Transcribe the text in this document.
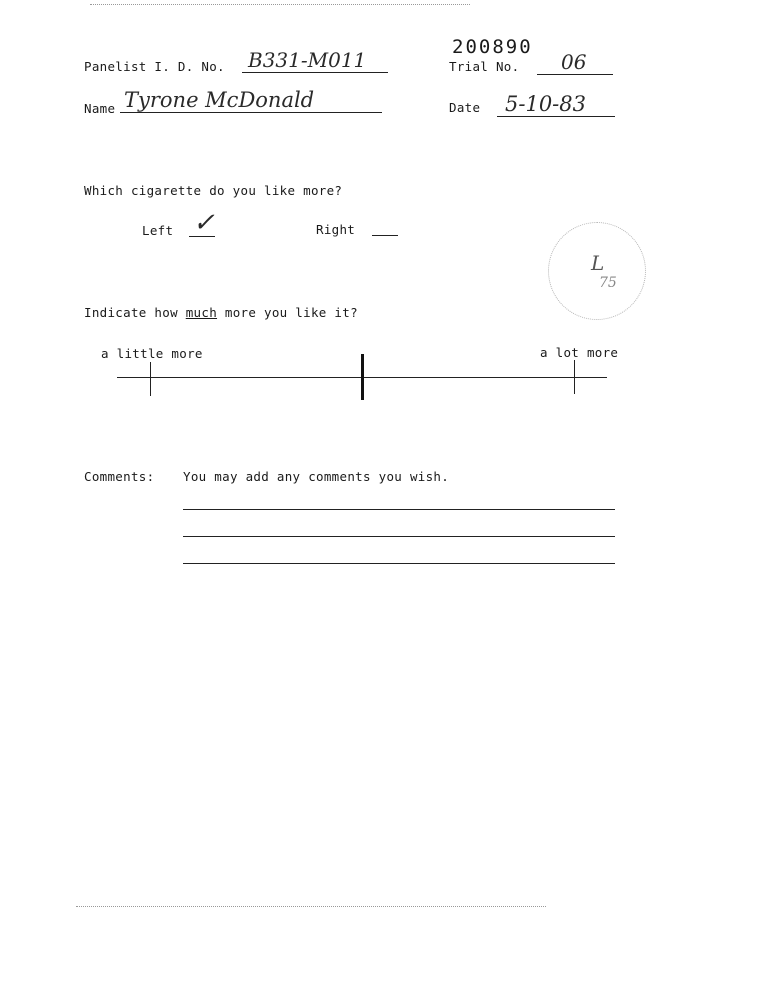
Panelist I. D. No.	B331-M011
200890
Trial No.	06
Name Tyrone McDonald	Date	5-10-83
Which cigarette do you like more?
Left ✓	Right
L
75
Indicate how much more you like it?
a little more	a lot more
Comments: You may add any comments you wish.
